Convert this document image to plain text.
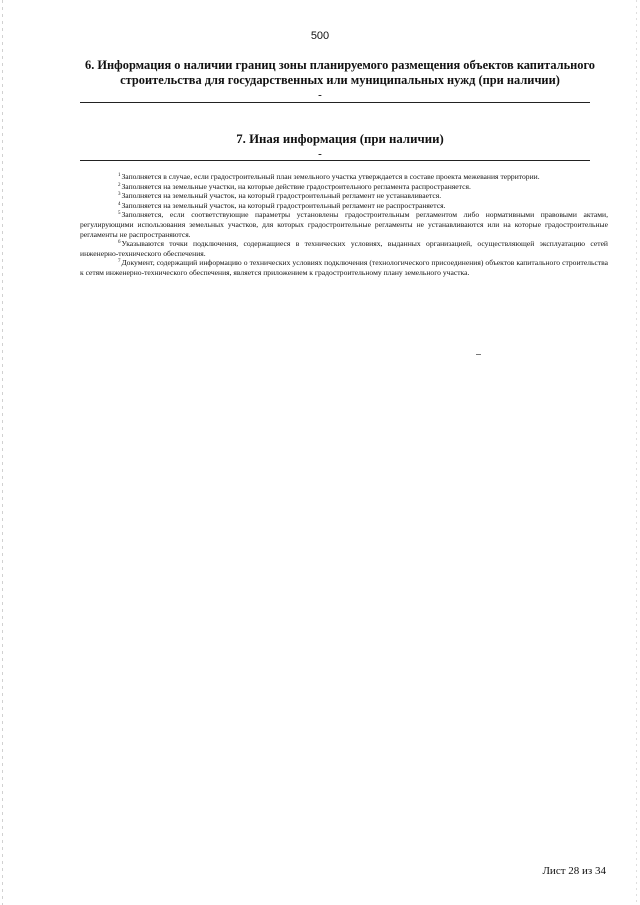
500
6. Информация о наличии границ зоны планируемого размещения объектов капитального
строительства для государственных или муниципальных нужд (при наличии)
-
7. Иная информация (при наличии)
-

$^1$Заполняется в случае, если градостроительный план земельного участка утверждается в составе проекта межевания территории.

$^2$Заполняется на земельные участки, на которые действие градостроительного регламента распространяется.

$^3$Заполняется на земельный участок, на который градостроительный регламент не устанавливается.

$^4$Заполняется на земельный участок, на который градостроительный регламент не распространяется.

$^5$Заполняется, если соответствующие параметры установлены градостроительным регламентом либо нормативными правовыми актами, регулирующими использования земельных участков, для которых градостроительные регламенты не устанавливаются или на которые градостроительные регламенты не распространяются.

$^6$Указываются точки подключения, содержащиеся в технических условиях, выданных организацией, осуществляющей эксплуатацию сетей инженерно-технического обеспечения.

$^7$Документ, содержащий информацию о технических условиях подключения (технологического присоединения) объектов капитального строительства к сетям инженерно-технического обеспечения, является приложением к градостроительному плану земельного участка.

Лист 28 из 34
